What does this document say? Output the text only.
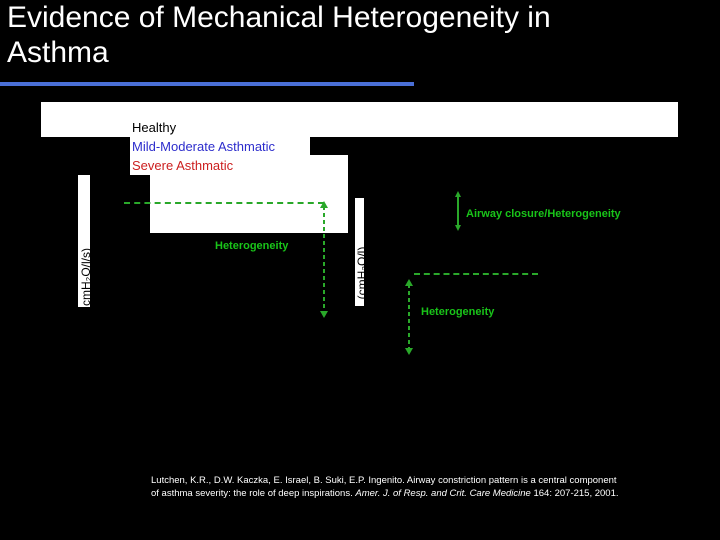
Evidence of Mechanical Heterogeneity in
Asthma
Healthy
Mild-Moderate Asthmatic
Severe Asthmatic
cmH₂O/l/s)	, (cmH₂O/l)
Heterogeneity
Airway closure/Heterogeneity
Heterogeneity
Lutchen, K.R., D.W. Kaczka, E. Israel, B. Suki, E.P. Ingenito. Airway constriction pattern is a central component
of asthma severity: the role of deep inspirations. Amer. J. of Resp. and Crit. Care Medicine 164: 207-215, 2001.
